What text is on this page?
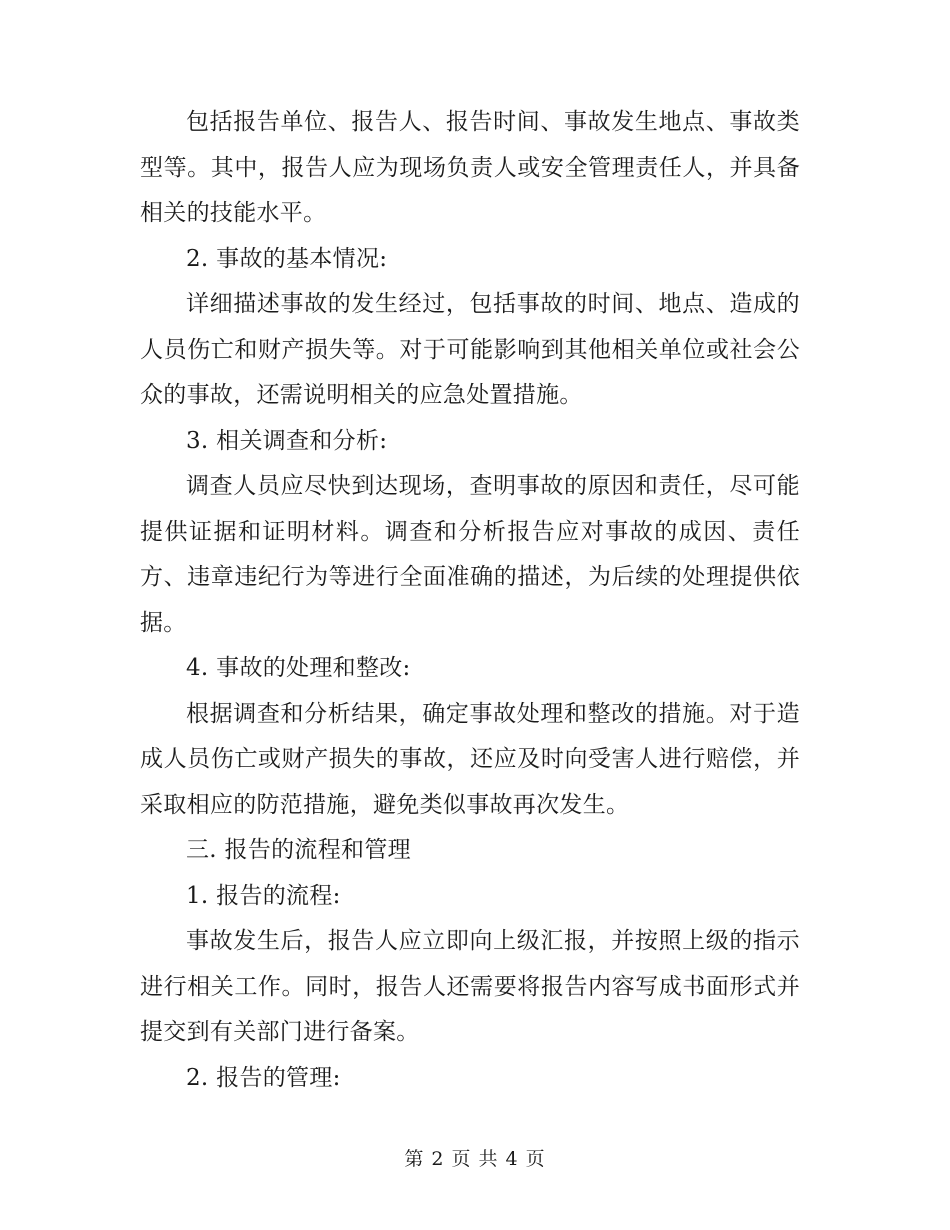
包括报告单位、报告人、报告时间、事故发生地点、事故类型等。其中，报告人应为现场负责人或安全管理责任人，并具备相关的技能水平。

2. 事故的基本情况:

详细描述事故的发生经过，包括事故的时间、地点、造成的人员伤亡和财产损失等。对于可能影响到其他相关单位或社会公众的事故，还需说明相关的应急处置措施。

3. 相关调查和分析:

调查人员应尽快到达现场，查明事故的原因和责任，尽可能提供证据和证明材料。调查和分析报告应对事故的成因、责任方、违章违纪行为等进行全面准确的描述，为后续的处理提供依据。

4. 事故的处理和整改:

根据调查和分析结果，确定事故处理和整改的措施。对于造成人员伤亡或财产损失的事故，还应及时向受害人进行赔偿，并采取相应的防范措施，避免类似事故再次发生。

三. 报告的流程和管理

1. 报告的流程:

事故发生后，报告人应立即向上级汇报，并按照上级的指示进行相关工作。同时，报告人还需要将报告内容写成书面形式并提交到有关部门进行备案。

2. 报告的管理:

第 2 页 共 4 页
